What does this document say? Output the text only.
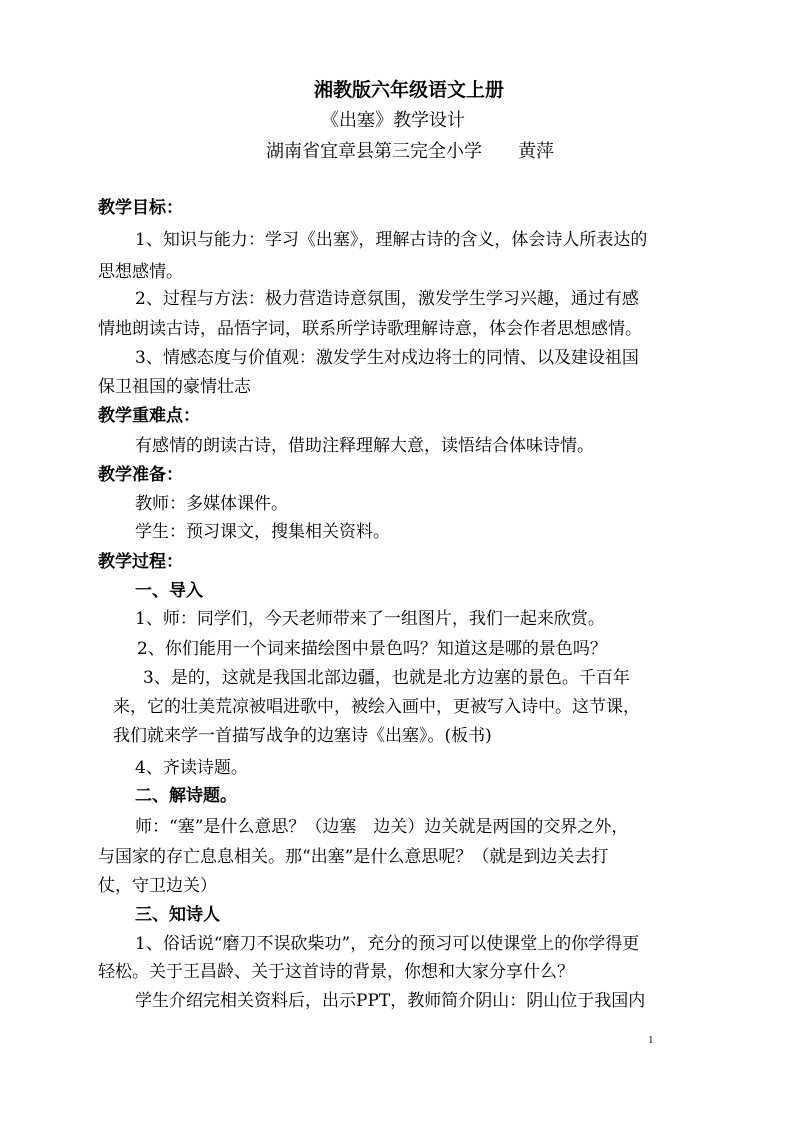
湘教版六年级语文上册
《出塞》教学设计
湖南省宜章县第三完全小学　　黄萍
教学目标：
1、知识与能力：学习《出塞》，理解古诗的含义，体会诗人所表达的
思想感情。
2、过程与方法：极力营造诗意氛围，激发学生学习兴趣，通过有感
情地朗读古诗，品悟字词，联系所学诗歌理解诗意，体会作者思想感情。
3、情感态度与价值观：激发学生对戍边将士的同情、以及建设祖国
保卫祖国的豪情壮志
教学重难点：
有感情的朗读古诗，借助注释理解大意，读悟结合体味诗情。
教学准备：
教师：多媒体课件。
学生：预习课文，搜集相关资料。
教学过程：
一、导入
1、师：同学们，今天老师带来了一组图片，我们一起来欣赏。
2、你们能用一个词来描绘图中景色吗？知道这是哪的景色吗？
3、是的，这就是我国北部边疆，也就是北方边塞的景色。千百年
来，它的壮美荒凉被唱进歌中，被绘入画中，更被写入诗中。这节课，
我们就来学一首描写战争的边塞诗《出塞》。(板书)
4、齐读诗题。
二、解诗题。
师：“塞”是什么意思？（边塞　边关）边关就是两国的交界之外，
与国家的存亡息息相关。那“出塞”是什么意思呢？（就是到边关去打
仗，守卫边关）
三、知诗人
1、俗话说“磨刀不误砍柴功”，充分的预习可以使课堂上的你学得更
轻松。关于王昌龄、关于这首诗的背景，你想和大家分享什么？
学生介绍完相关资料后，出示PPT，教师简介阴山：阴山位于我国内
1
